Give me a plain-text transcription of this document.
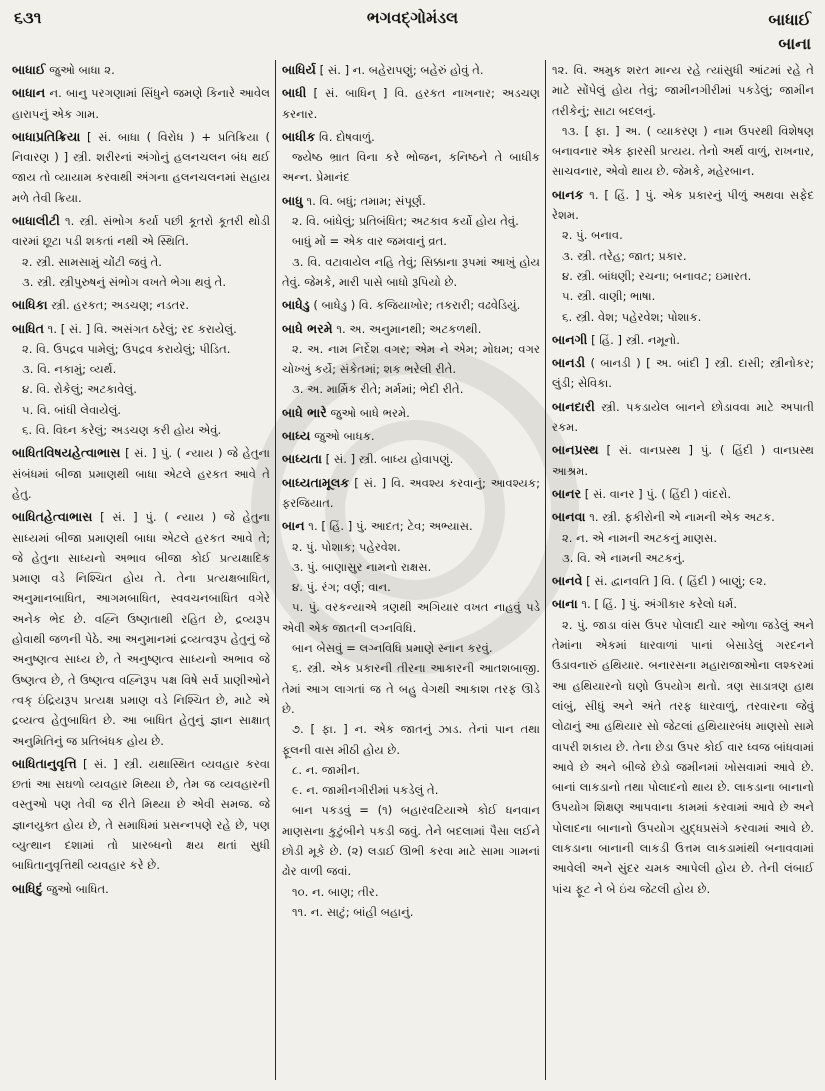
૬૩૧	ભગવદ્ગોમંડલ	બાધાઈ
બાના

બાધાઈ જુઓ બાધા ૨.

બાધાન ન. બાનુ પરગણામાં સિંધુને જમણે કિનારે આવેલ હારાપનું એક ગામ.

બાધાપ્રતિક્રિયા [ સં. બાધા ( વિરોધ ) + પ્રતિક્રિયા ( નિવારણ ) ] સ્ત્રી. શરીરનાં અંગોનું હલનચલન બંધ થઈ જાય તો વ્યાયામ કરવાથી અંગના હલનચલનમાં સહાય મળે તેવી ક્રિયા.

બાધાલીટી ૧. સ્ત્રી. સંભોગ કર્યા પછી કૂતરો કૂતરી થોડી વારમાં છૂટા પડી શકતાં નથી એ સ્થિતિ.

૨. સ્ત્રી. સામસામું ચોંટી જવું તે.

૩. સ્ત્રી. સ્ત્રીપુરુષનું સંભોગ વખતે ભેગા થવું તે.

બાધિકા સ્ત્રી. હરકત; અડચણ; નડતર.

બાધિત ૧. [ સં. ] વિ. અસંગત ઠરેલું; રદ કરાયેલું.

૨. વિ. ઉપદ્રવ પામેલું; ઉપદ્રવ કરાયેલું; પીડિત.

૩. વિ. નકામું; વ્યર્થ.

૪. વિ. રોકેલું; અટકાવેલું.

૫. વિ. બાંધી લેવાયેલું.

૬. વિ. વિઘ્ન કરેલું; અડચણ કરી હોય એવું.

બાધિતવિષયહેત્વાભાસ [ સં. ] પું. ( ન્યાય ) જે હેતુના સંબંધમાં બીજા પ્રમાણથી બાધા એટલે હરકત આવે તે હેતુ.

બાધિતહેત્વાભાસ [ સં. ] પું. ( ન્યાય ) જે હેતુના સાધ્યમાં બીજા પ્રમાણથી બાધા એટલે હરકત આવે તે; જે હેતુના સાધ્યનો અભાવ બીજા કોઈ પ્રત્યક્ષાદિક પ્રમાણ વડે નિશ્ચિત હોય તે. તેના પ્રત્યક્ષબાધિત, અનુમાનબાધિત, આગમબાધિત, સ્વવચનબાધિત વગેરે અનેક ભેદ છે. વહ્નિ ઉષ્ણતાથી રહિત છે, દ્રવ્યરૂપ હોવાથી જળની પેઠે. આ અનુમાનમાં દ્રવ્યત્વરૂપ હેતુનું જે અનુષ્ણત્વ સાધ્ય છે, તે અનુષ્ણત્વ સાધ્યનો અભાવ જે ઉષ્ણત્વ છે, તે ઉષ્ણત્વ વહ્નિરૂપ પક્ષ વિષે સર્વ પ્રાણીઓને ત્વક્ ઇંદ્રિયરૂપ પ્રત્યક્ષ પ્રમાણ વડે નિશ્ચિત છે, માટે એ દ્રવ્યત્વ હેતુબાધિત છે. આ બાધિત હેતુનું જ્ઞાન સાક્ષાત્ અનુમિતિનું જ પ્રતિબંધક હોય છે.

બાધિતાનુવૃત્તિ [ સં. ] સ્ત્રી. યથાસ્થિત વ્યવહાર કરવા છતાં આ સઘળો વ્યવહાર મિથ્યા છે, તેમ જ વ્યવહારની વસ્તુઓ પણ તેવી જ રીતે મિથ્યા છે એવી સમજ. જે જ્ઞાનયુક્ત હોય છે, તે સમાધિમાં પ્રસન્નપણે રહે છે, પણ વ્યુત્થાન દશામાં તો પ્રારબ્ધનો ક્ષય થતાં સુધી બાધિતાનુવૃત્તિથી વ્યવહાર કરે છે.

બાધિદું જુઓ બાધિત.

બાધિર્ય [ સં. ] ન. બહેરાપણું; બહેરું હોવું તે.

બાધી [ સં. બાધિન્ ] વિ. હરકત નાખનાર; અડચણ કરનાર.

બાધીક વિ. દોષવાળું.

જ્યેષ્ઠ ભ્રાત વિના કરે ભોજન, કનિષ્ઠને તે બાધીક અન્ન. પ્રેમાનંદ

બાધુ ૧. વિ. બધું; તમામ; સંપૂર્ણ.

૨. વિ. બાંધેલું; પ્રતિબંધિત; અટકાવ કર્યો હોય તેવું.

બાધું મોં = એક વાર જમવાનું વ્રત.

૩. વિ. વટાવાયેલ નહિ તેવું; સિક્કાના રૂપમાં આખું હોય તેવું. જેમકે, મારી પાસે બાધો રૂપિયો છે.

બાધેડુ ( બાધેડુ ) વિ. કજિયાખોર; તકરારી; વઢવેડિયું.

બાધે ભરમે ૧. અ. અનુમાનથી; અટકળથી.

૨. અ. નામ નિર્દેશ વગર; એમ ને એમ; મોઘમ; વગર ચોખ્ખું કર્યે; સંકેતમાં; શક ભરેલી રીતે.

૩. અ. માર્મિક રીતે; મર્મમાં; ભેદી રીતે.

બાધે ભારે જુઓ બાધે ભરમે.

બાધ્ય જુઓ બાધક.

બાધ્યતા [ સં. ] સ્ત્રી. બાધ્ય હોવાપણું.

બાધ્યતામૂલક [ સં. ] વિ. અવશ્ય કરવાનું; આવશ્યક; ફરજિયાત.

બાન ૧. [ હિં. ] પું. આદત; ટેવ; અભ્યાસ.

૨. પું. પોશાક; પહેરવેશ.

૩. પું. બાણાસુર નામનો રાક્ષસ.

૪. પું. રંગ; વર્ણ; વાન.

૫. પું. વરકન્યાએ ત્રણથી અગિયાર વખત નાહવું પડે એવી એક જાતની લગ્નવિધિ.

બાન બેસવું = લગ્નવિધિ પ્રમાણે સ્નાન કરવું.

૬. સ્ત્રી. એક પ્રકારની તીરના આકારની આતશબાજી. તેમાં આગ લાગતાં જ તે બહુ વેગથી આકાશ તરફ ઊડે છે.

૭. [ ફા. ] ન. એક જાતનું ઝાડ. તેનાં પાન તથા ફૂલની વાસ મીઠી હોય છે.

૮. ન. જામીન.

૯. ન. જામીનગીરીમાં પકડેલું તે.

બાન પકડવું = (૧) બહારવટિયાએ કોઈ ધનવાન માણસના કુટુંબીને પકડી જવું. તેને બદલામાં પૈસા લઈને છોડી મૂકે છે. (૨) લડાઈ ઊભી કરવા માટે સામા ગામનાં ઢોર વાળી જવાં.

૧૦. ન. બાણ; તીર.

૧૧. ન. સાટું; બાંહી બહાનું.

૧૨. વિ. અમુક શરત માન્ય રહે ત્યાંસુધી આંટમાં રહે તે માટે સોંપેલું હોય તેવું; જામીનગીરીમાં પકડેલું; જામીન તરીકેનું; સાટા બદલનું.

૧૩. [ ફા. ] અ. ( વ્યાકરણ ) નામ ઉપરથી વિશેષણ બનાવનાર એક ફારસી પ્રત્યય. તેનો અર્થ વાળું, રાખનાર, સાચવનાર, એવો થાય છે. જેમકે, મહેરબાન.

બાનક ૧. [ હિં. ] પું. એક પ્રકારનું પીળું અથવા સફેદ રેશમ.

૨. પું. બનાવ.

૩. સ્ત્રી. તરેહ; જાત; પ્રકાર.

૪. સ્ત્રી. બાંધણી; રચના; બનાવટ; ઇમારત.

૫. સ્ત્રી. વાણી; ભાષા.

૬. સ્ત્રી. વેશ; પહેરવેશ; પોશાક.

બાનગી [ હિં. ] સ્ત્રી. નમૂનો.

બાનડી ( બાનડી ) [ અ. બાંદી ] સ્ત્રી. દાસી; સ્ત્રીનોકર; લુંડી; સેવિકા.

બાનદારી સ્ત્રી. પકડાયેલ બાનને છોડાવવા માટે અપાતી રકમ.

બાનપ્રસ્થ [ સં. વાનપ્રસ્થ ] પું. ( હિંદી ) વાનપ્રસ્થ આશ્રમ.

બાનર [ સં. વાનર ] પું. ( હિંદી ) વાંદરો.

બાનવા ૧. સ્ત્રી. ફકીરોની એ નામની એક અટક.

૨. ન. એ નામની અટકનું માણસ.

૩. વિ. એ નામની અટકનું.

બાનવે [ સં. દ્વાનવતિ ] વિ. ( હિંદી ) બાણું; ૯૨.

બાના ૧. [ હિં. ] પું. અંગીકાર કરેલો ધર્મ.

૨. પું. જાડા વાંસ ઉપર પોલાદી ચાર ઓળા જડેલું અને તેમાંના એકમાં ધારવાળાં પાનાં બેસાડેલું ગરદનને ઉડાવનારું હથિયાર. બનારસના મહારાજાઓના લશ્કરમાં આ હથિયારનો ઘણો ઉપયોગ થતો. ત્રણ સાડાત્રણ હાથ લાંબું, સીધું અને અંતે તરફ ધારવાળું, તરવારના જેવું લોઢાનું આ હથિયાર સો જેટલાં હથિયારબંધ માણસો સામે વાપરી શકાય છે. તેના છેડા ઉપર કોઈ વાર ધ્વજ બાંધવામાં આવે છે અને બીજે છેડો જમીનમાં ખોસવામાં આવે છે. બાનાં લાકડાનો તથા પોલાદનો થાય છે. લાકડાના બાનાનો ઉપયોગ શિક્ષણ આપવાના કામમાં કરવામાં આવે છે અને પોલાદના બાનાનો ઉપયોગ યુદ્ધપ્રસંગે કરવામાં આવે છે. લાકડાના બાનાની લાકડી ઉત્તમ લાકડામાંથી બનાવવામાં આવેલી અને સુંદર ચમક આપેલી હોય છે. તેની લંબાઈ પાંચ ફૂટ ને બે ઇંચ જેટલી હોય છે.
